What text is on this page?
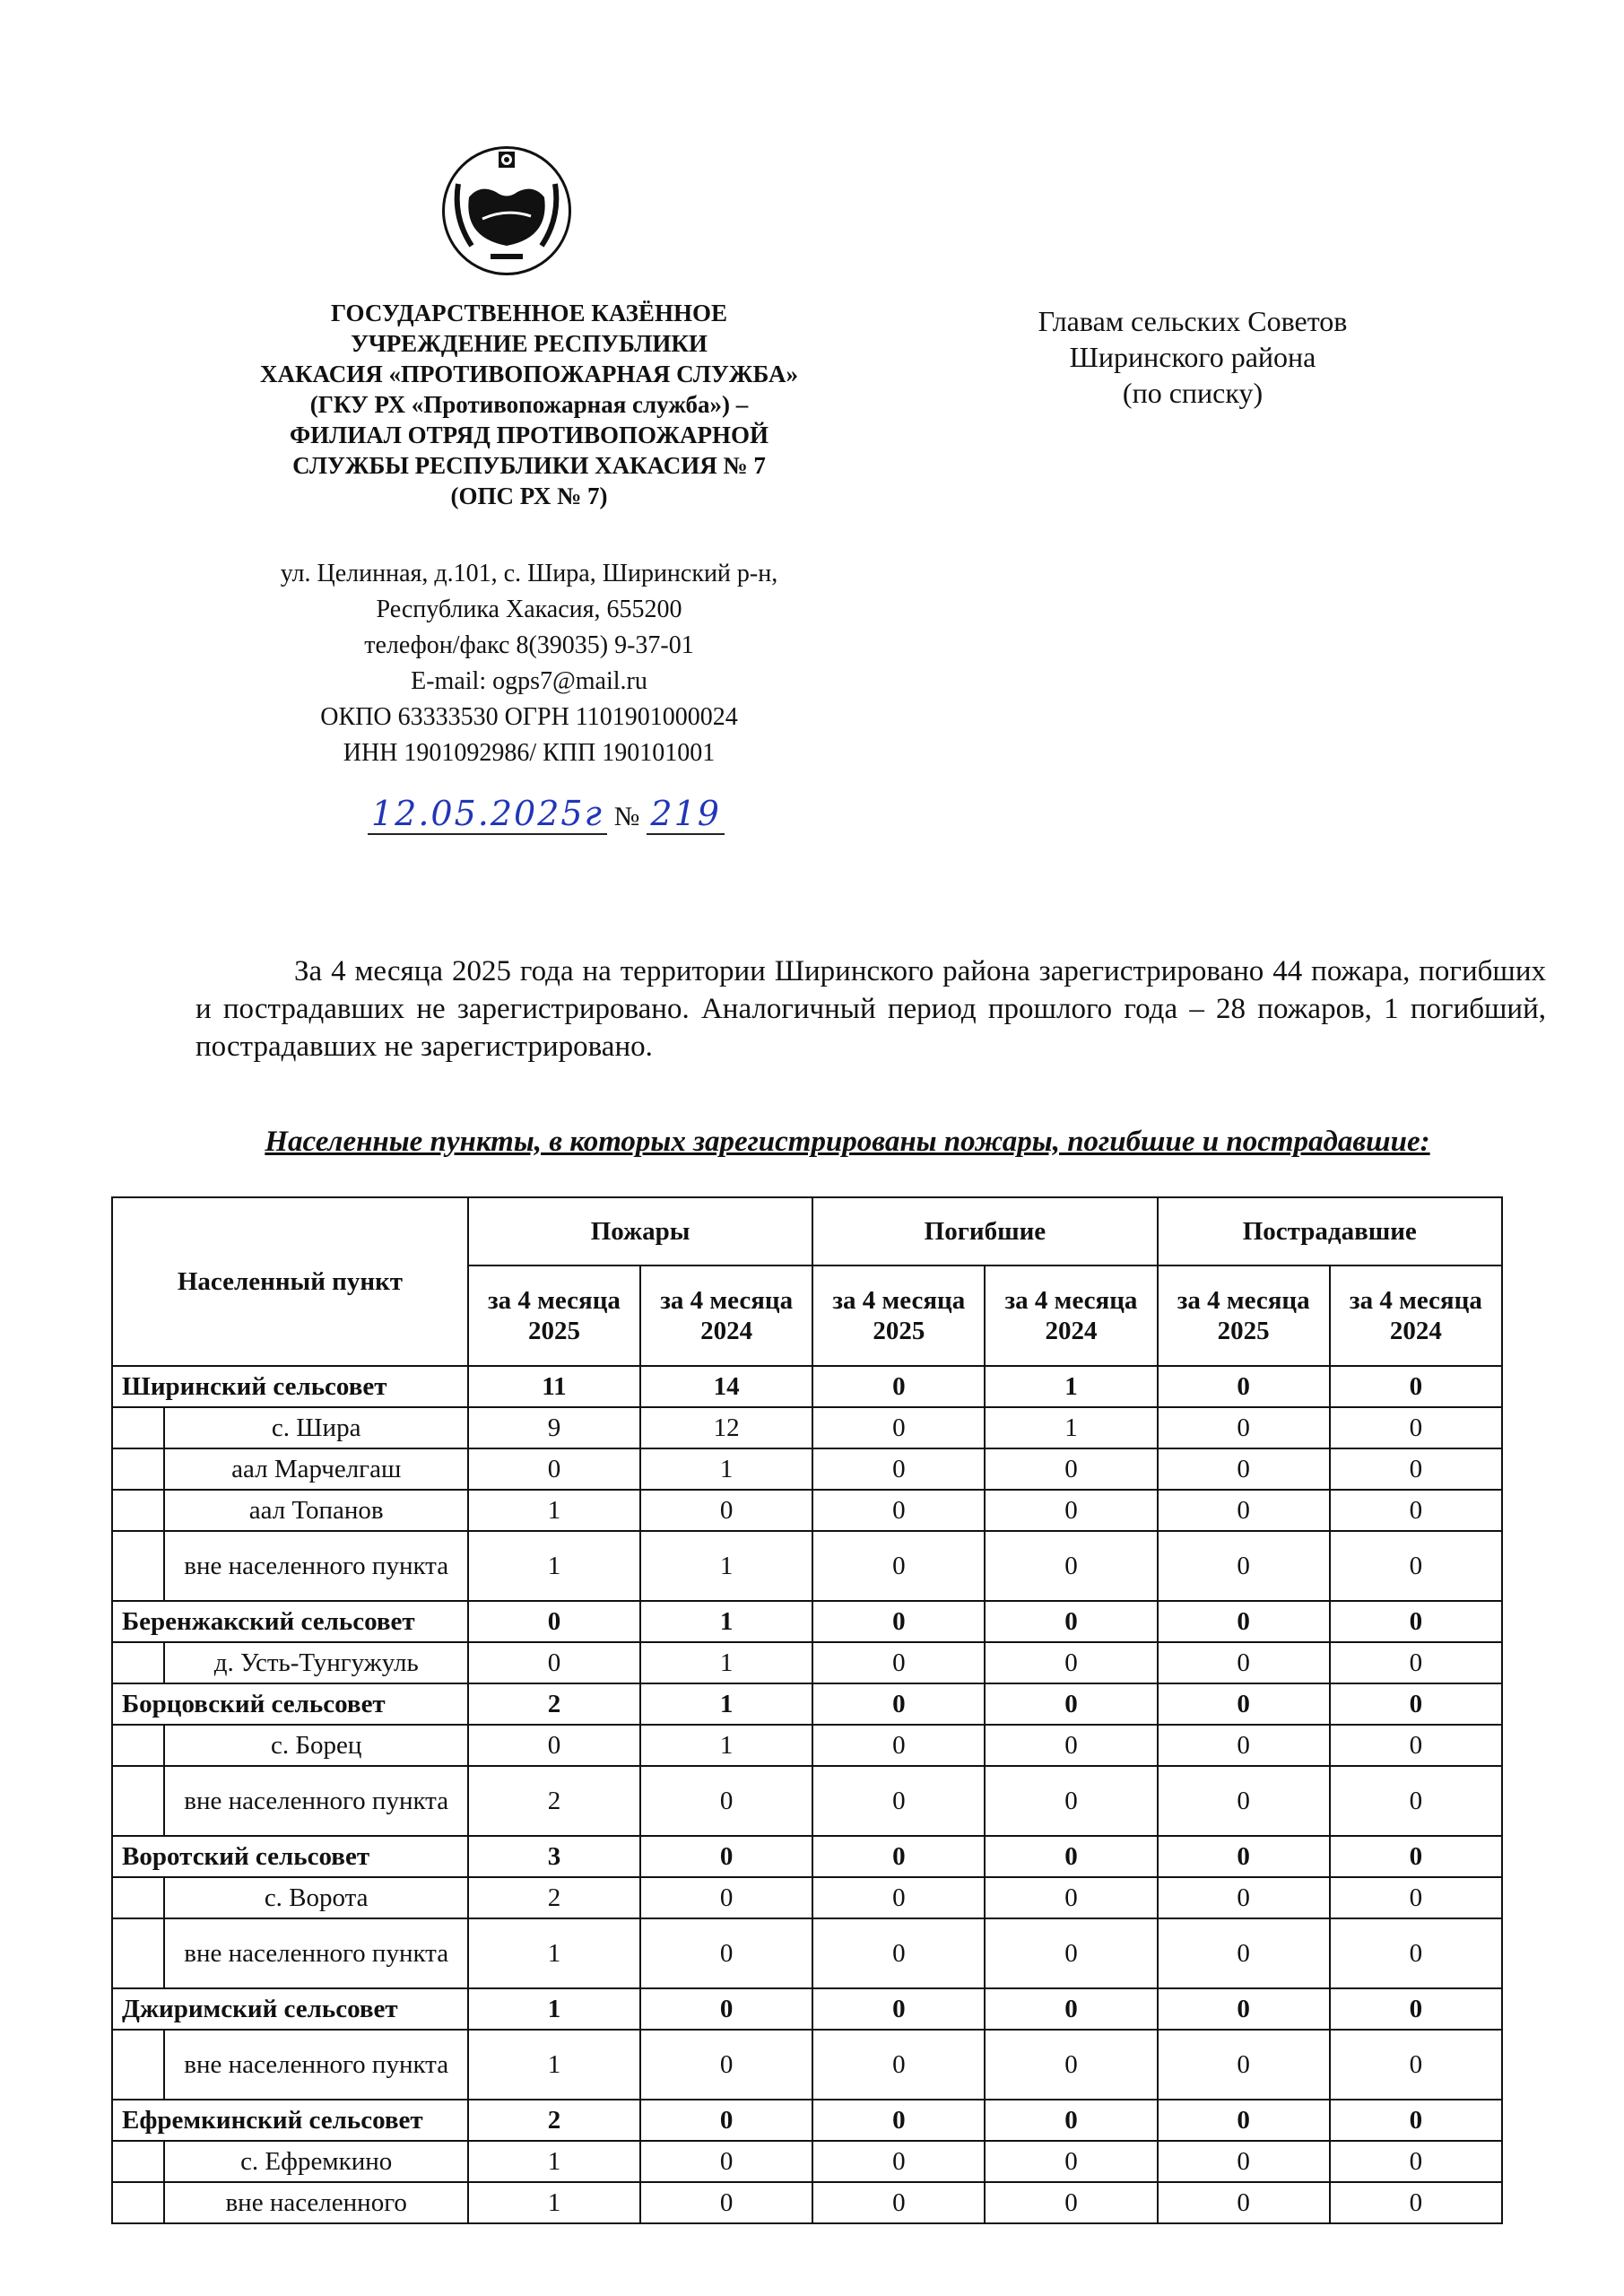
ГОСУДАРСТВЕННОЕ КАЗЁННОЕ
УЧРЕЖДЕНИЕ РЕСПУБЛИКИ
ХАКАСИЯ «ПРОТИВОПОЖАРНАЯ СЛУЖБА»
(ГКУ РХ «Противопожарная служба») –
ФИЛИАЛ ОТРЯД ПРОТИВОПОЖАРНОЙ
СЛУЖБЫ РЕСПУБЛИКИ ХАКАСИЯ № 7
(ОПС РХ № 7)
ул. Целинная, д.101, с. Шира, Ширинский р-н,
Республика Хакасия, 655200
телефон/факс 8(39035) 9-37-01
E-mail: ogps7@mail.ru
ОКПО 63333530 ОГРН 1101901000024
ИНН 1901092986/ КПП 190101001
12.05.2025г № 219
Главам сельских Советов
Ширинского района
(по списку)
За 4 месяца 2025 года на территории Ширинского района зарегистрировано 44 пожара, погибших и пострадавших не зарегистрировано. Аналогичный период прошлого года – 28 пожаров, 1 погибший, пострадавших не зарегистрировано.
Населенные пункты, в которых зарегистрированы пожары, погибшие и пострадавшие:
Населенный пункт		Пожары		Погибшие		Пострадавшие	
		за 4 месяца 2025	за 4 месяца 2024	за 4 месяца 2025	за 4 месяца 2024	за 4 месяца 2025	за 4 месяца 2024
Ширинский сельсовет		11	14	0	1	0	0
	с. Шира	9	12	0	1	0	0
	аал Марчелгаш	0	1	0	0	0	0
	аал Топанов	1	0	0	0	0	0
	вне населенного пункта	1	1	0	0	0	0
Беренжакский сельсовет		0	1	0	0	0	0
	д. Усть-Тунгужуль	0	1	0	0	0	0
Борцовский сельсовет		2	1	0	0	0	0
	с. Борец	0	1	0	0	0	0
	вне населенного пункта	2	0	0	0	0	0
Воротский сельсовет		3	0	0	0	0	0
	с. Ворота	2	0	0	0	0	0
	вне населенного пункта	1	0	0	0	0	0
Джиримский сельсовет		1	0	0	0	0	0
	вне населенного пункта	1	0	0	0	0	0
Ефремкинский сельсовет		2	0	0	0	0	0
	с. Ефремкино	1	0	0	0	0	0
	вне населенного	1	0	0	0	0	0
